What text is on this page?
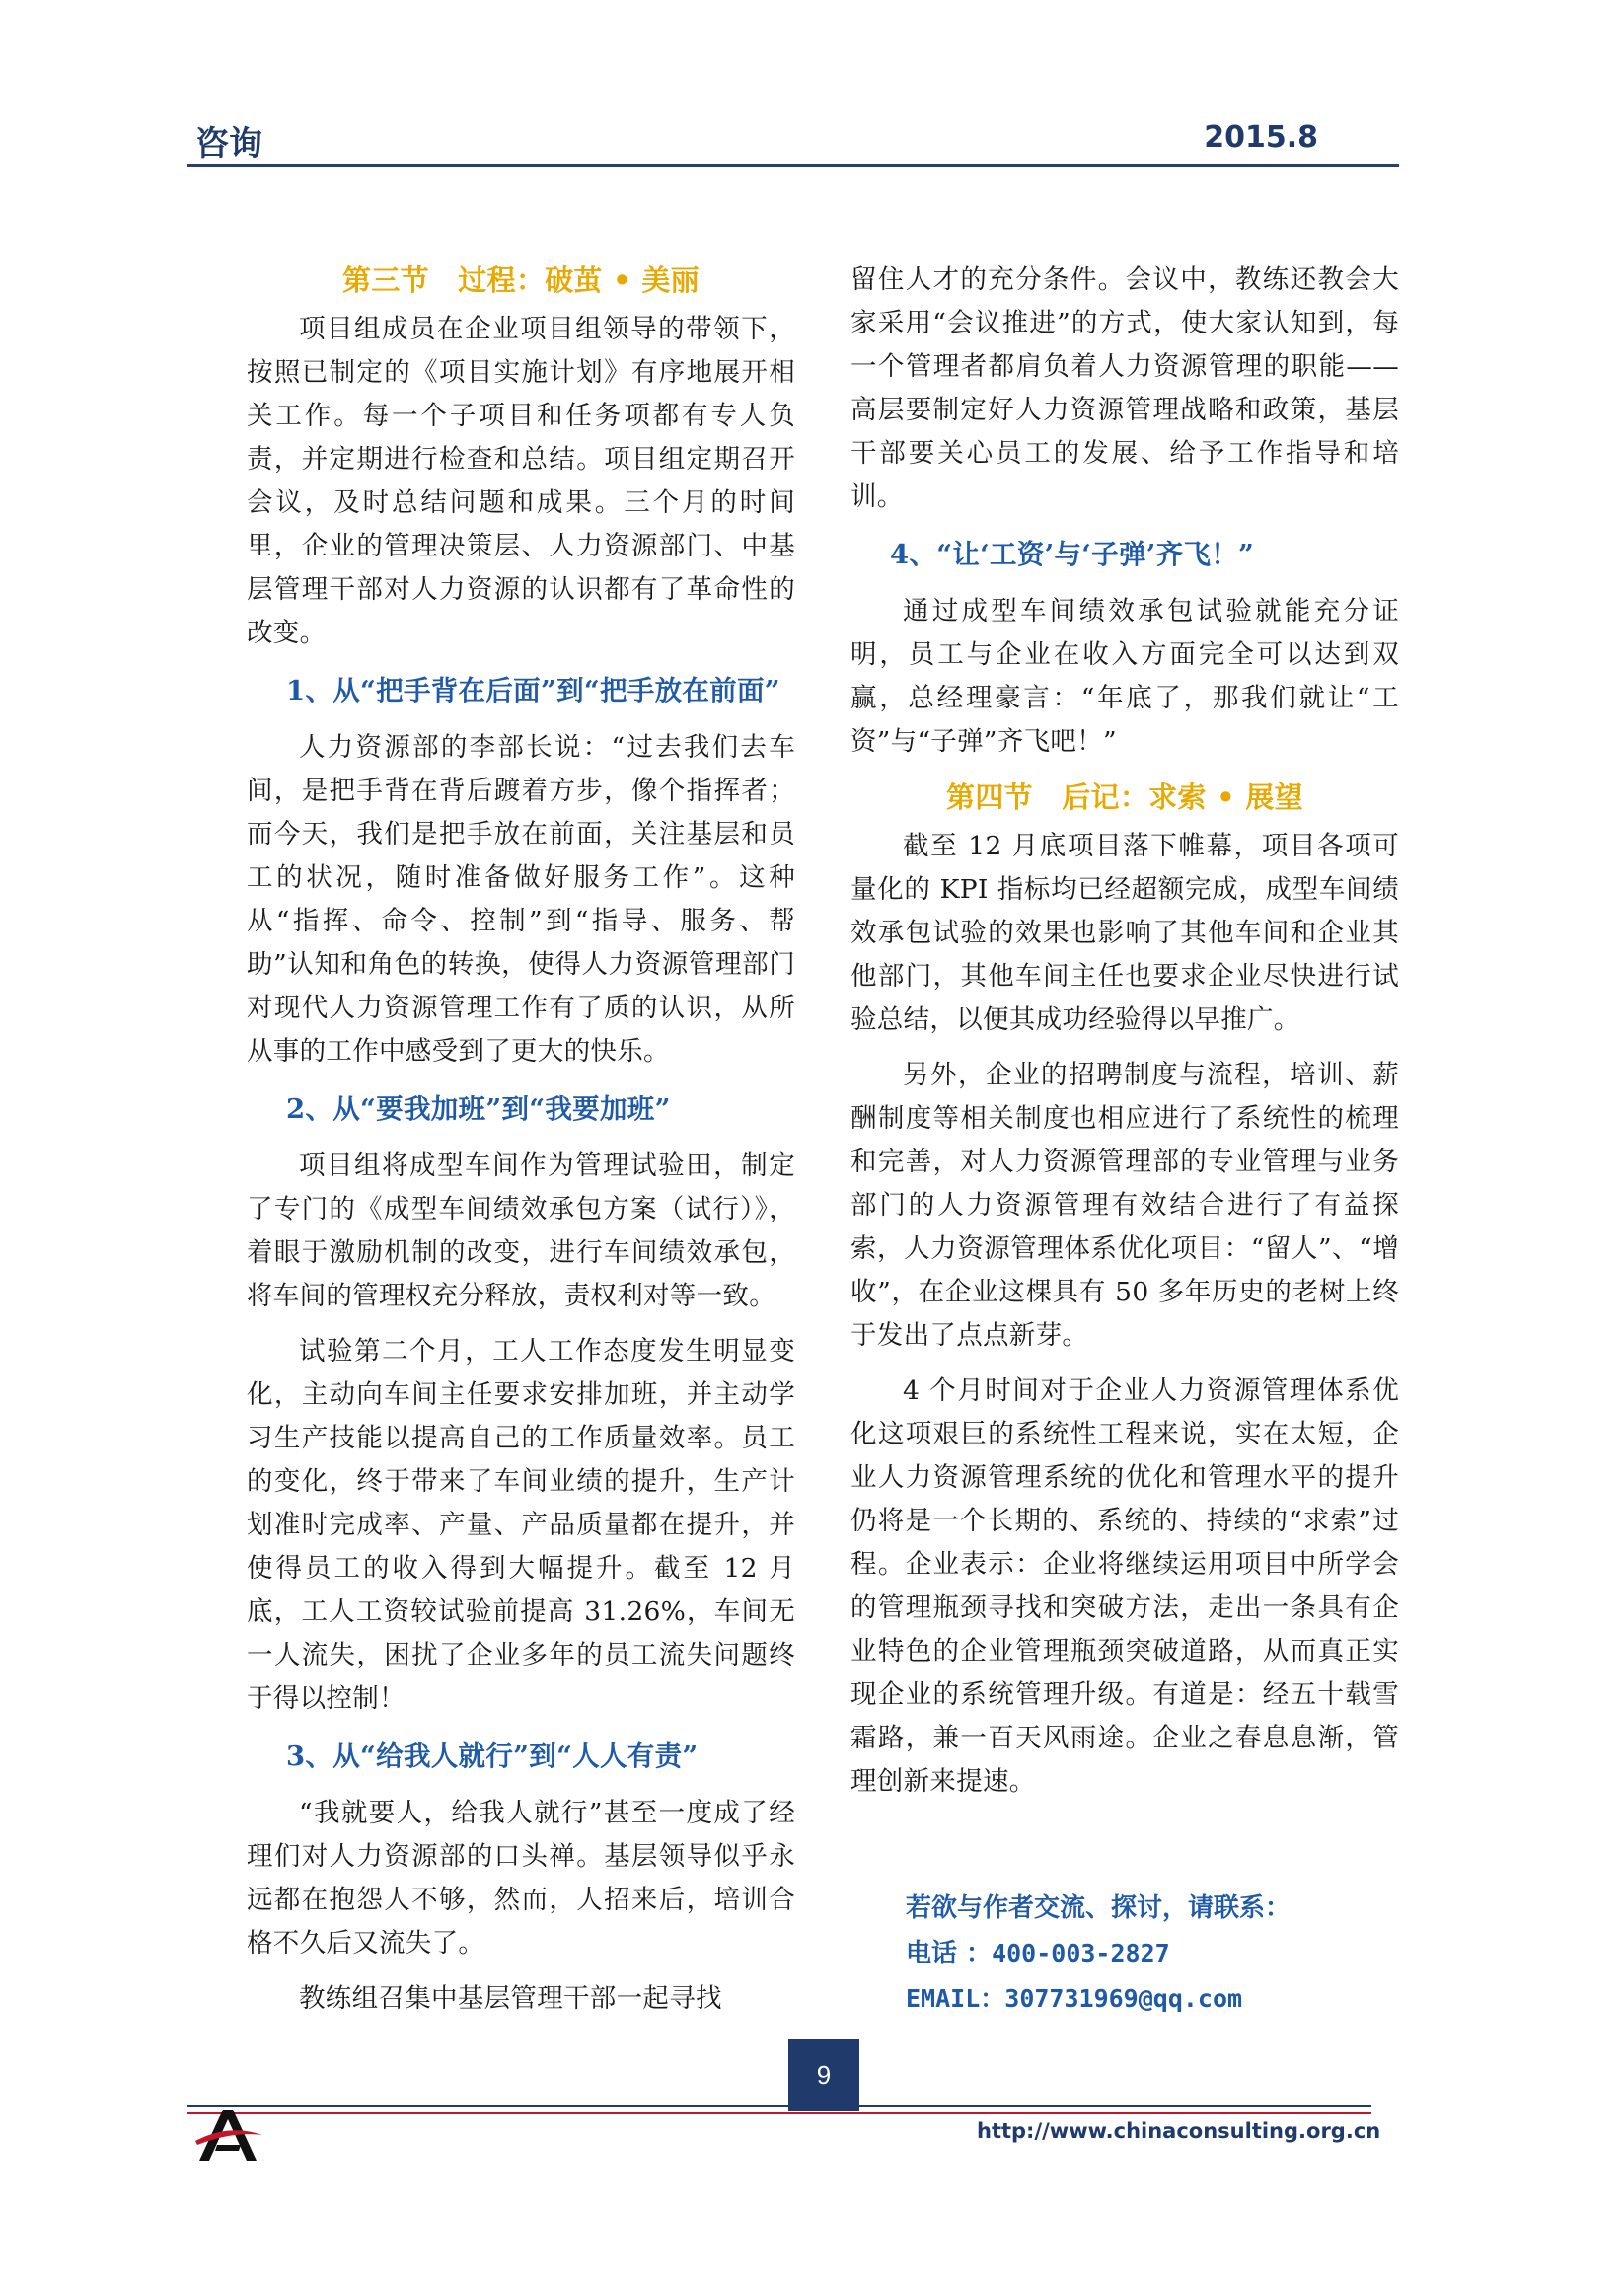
咨询	2015.8
第三节　过程：破茧 • 美丽

项目组成员在企业项目组领导的带领下，按照已制定的《项目实施计划》有序地展开相关工作。每一个子项目和任务项都有专人负责，并定期进行检查和总结。项目组定期召开会议，及时总结问题和成果。三个月的时间里，企业的管理决策层、人力资源部门、中基层管理干部对人力资源的认识都有了革命性的改变。

1、从“把手背在后面”到“把手放在前面”

人力资源部的李部长说：“过去我们去车间，是把手背在背后踱着方步，像个指挥者；而今天，我们是把手放在前面，关注基层和员工的状况，随时准备做好服务工作”。这种从“指挥、命令、控制”到“指导、服务、帮助”认知和角色的转换，使得人力资源管理部门对现代人力资源管理工作有了质的认识，从所从事的工作中感受到了更大的快乐。

2、从“要我加班”到“我要加班”

项目组将成型车间作为管理试验田，制定了专门的《成型车间绩效承包方案（试行）》，着眼于激励机制的改变，进行车间绩效承包，将车间的管理权充分释放，责权利对等一致。

试验第二个月，工人工作态度发生明显变化，主动向车间主任要求安排加班，并主动学习生产技能以提高自己的工作质量效率。员工的变化，终于带来了车间业绩的提升，生产计划准时完成率、产量、产品质量都在提升，并使得员工的收入得到大幅提升。截至 12 月底，工人工资较试验前提高 31.26%，车间无一人流失，困扰了企业多年的员工流失问题终于得以控制！

3、从“给我人就行”到“人人有责”

“我就要人，给我人就行”甚至一度成了经理们对人力资源部的口头禅。基层领导似乎永远都在抱怨人不够，然而，人招来后，培训合格不久后又流失了。

教练组召集中基层管理干部一起寻找

留住人才的充分条件。会议中，教练还教会大家采用“会议推进”的方式，使大家认知到，每一个管理者都肩负着人力资源管理的职能——高层要制定好人力资源管理战略和政策，基层干部要关心员工的发展、给予工作指导和培训。

4、“让‘工资’与‘子弹’齐飞！”

通过成型车间绩效承包试验就能充分证明，员工与企业在收入方面完全可以达到双赢，总经理豪言：“年底了，那我们就让“工资”与“子弹”齐飞吧！”

第四节　后记：求索 • 展望

截至 12 月底项目落下帷幕，项目各项可量化的 KPI 指标均已经超额完成，成型车间绩效承包试验的效果也影响了其他车间和企业其他部门，其他车间主任也要求企业尽快进行试验总结，以便其成功经验得以早推广。

另外，企业的招聘制度与流程，培训、薪酬制度等相关制度也相应进行了系统性的梳理和完善，对人力资源管理部的专业管理与业务部门的人力资源管理有效结合进行了有益探索，人力资源管理体系优化项目：“留人”、“增收”，在企业这棵具有 50 多年历史的老树上终于发出了点点新芽。

4 个月时间对于企业人力资源管理体系优化这项艰巨的系统性工程来说，实在太短，企业人力资源管理系统的优化和管理水平的提升仍将是一个长期的、系统的、持续的“求索”过程。企业表示：企业将继续运用项目中所学会的管理瓶颈寻找和突破方法，走出一条具有企业特色的企业管理瓶颈突破道路，从而真正实现企业的系统管理升级。有道是：经五十载雪霜路，兼一百天风雨途。企业之春息息渐，管理创新来提速。

若欲与作者交流、探讨，请联系：
电话 ：400-003-2827
EMAIL：307731969@qq.com
9
http://www.chinaconsulting.org.cn
